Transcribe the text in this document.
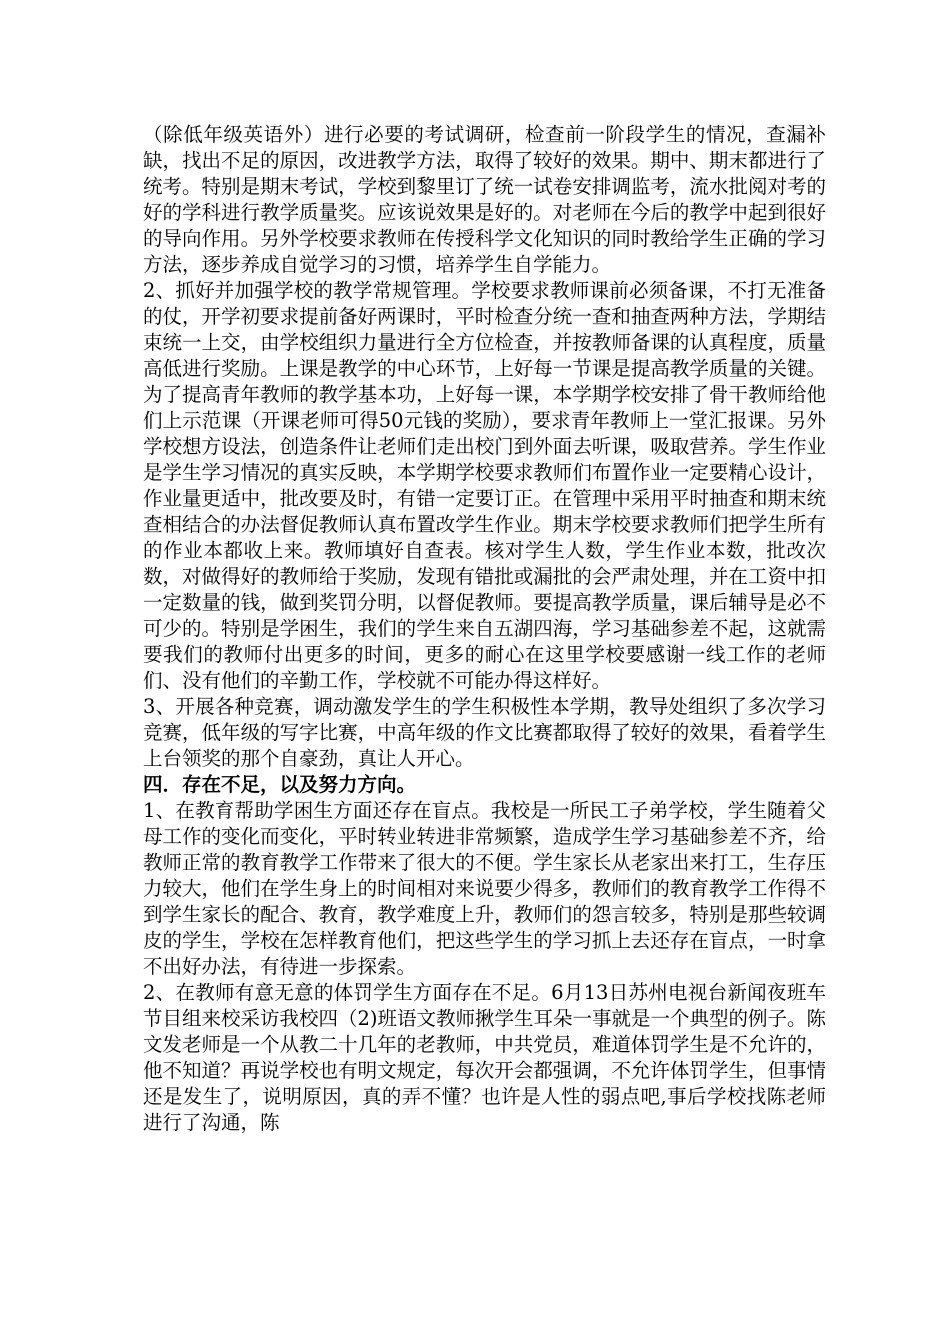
（除低年级英语外）进行必要的考试调研，检查前一阶段学生的情况，查漏补缺，找出不足的原因，改进教学方法，取得了较好的效果。期中、期末都进行了统考。特别是期末考试，学校到黎里订了统一试卷安排调监考，流水批阅对考的好的学科进行教学质量奖。应该说效果是好的。对老师在今后的教学中起到很好的导向作用。另外学校要求教师在传授科学文化知识的同时教给学生正确的学习方法，逐步养成自觉学习的习惯，培养学生自学能力。

2、抓好并加强学校的教学常规管理。学校要求教师课前必须备课，不打无准备的仗，开学初要求提前备好两课时，平时检查分统一查和抽查两种方法，学期结束统一上交，由学校组织力量进行全方位检查，并按教师备课的认真程度，质量高低进行奖励。上课是教学的中心环节，上好每一节课是提高教学质量的关键。为了提高青年教师的教学基本功，上好每一课，本学期学校安排了骨干教师给他们上示范课（开课老师可得50元钱的奖励），要求青年教师上一堂汇报课。另外学校想方设法，创造条件让老师们走出校门到外面去听课，吸取营养。学生作业是学生学习情况的真实反映，本学期学校要求教师们布置作业一定要精心设计，作业量更适中，批改要及时，有错一定要订正。在管理中采用平时抽查和期末统查相结合的办法督促教师认真布置改学生作业。期末学校要求教师们把学生所有的作业本都收上来。教师填好自查表。核对学生人数，学生作业本数，批改次数，对做得好的教师给于奖励，发现有错批或漏批的会严肃处理，并在工资中扣一定数量的钱，做到奖罚分明，以督促教师。要提高教学质量，课后辅导是必不可少的。特别是学困生，我们的学生来自五湖四海，学习基础参差不起，这就需要我们的教师付出更多的时间，更多的耐心在这里学校要感谢一线工作的老师们、没有他们的辛勤工作，学校就不可能办得这样好。

3、开展各种竞赛，调动激发学生的学生积极性本学期，教导处组织了多次学习竞赛，低年级的写字比赛，中高年级的作文比赛都取得了较好的效果，看着学生上台领奖的那个自豪劲，真让人开心。

四．存在不足，以及努力方向。

1、在教育帮助学困生方面还存在盲点。我校是一所民工子弟学校，学生随着父母工作的变化而变化，平时转业转进非常频繁，造成学生学习基础参差不齐，给教师正常的教育教学工作带来了很大的不便。学生家长从老家出来打工，生存压力较大，他们在学生身上的时间相对来说要少得多，教师们的教育教学工作得不到学生家长的配合、教育，教学难度上升，教师们的怨言较多，特别是那些较调皮的学生，学校在怎样教育他们，把这些学生的学习抓上去还存在盲点，一时拿不出好办法，有待进一步探索。

2、在教师有意无意的体罚学生方面存在不足。6月13日苏州电视台新闻夜班车节目组来校采访我校四（2)班语文教师揪学生耳朵一事就是一个典型的例子。陈文发老师是一个从教二十几年的老教师，中共党员，难道体罚学生是不允许的，他不知道？再说学校也有明文规定，每次开会都强调，不允许体罚学生，但事情还是发生了，说明原因，真的弄不懂？也许是人性的弱点吧,事后学校找陈老师进行了沟通，陈
